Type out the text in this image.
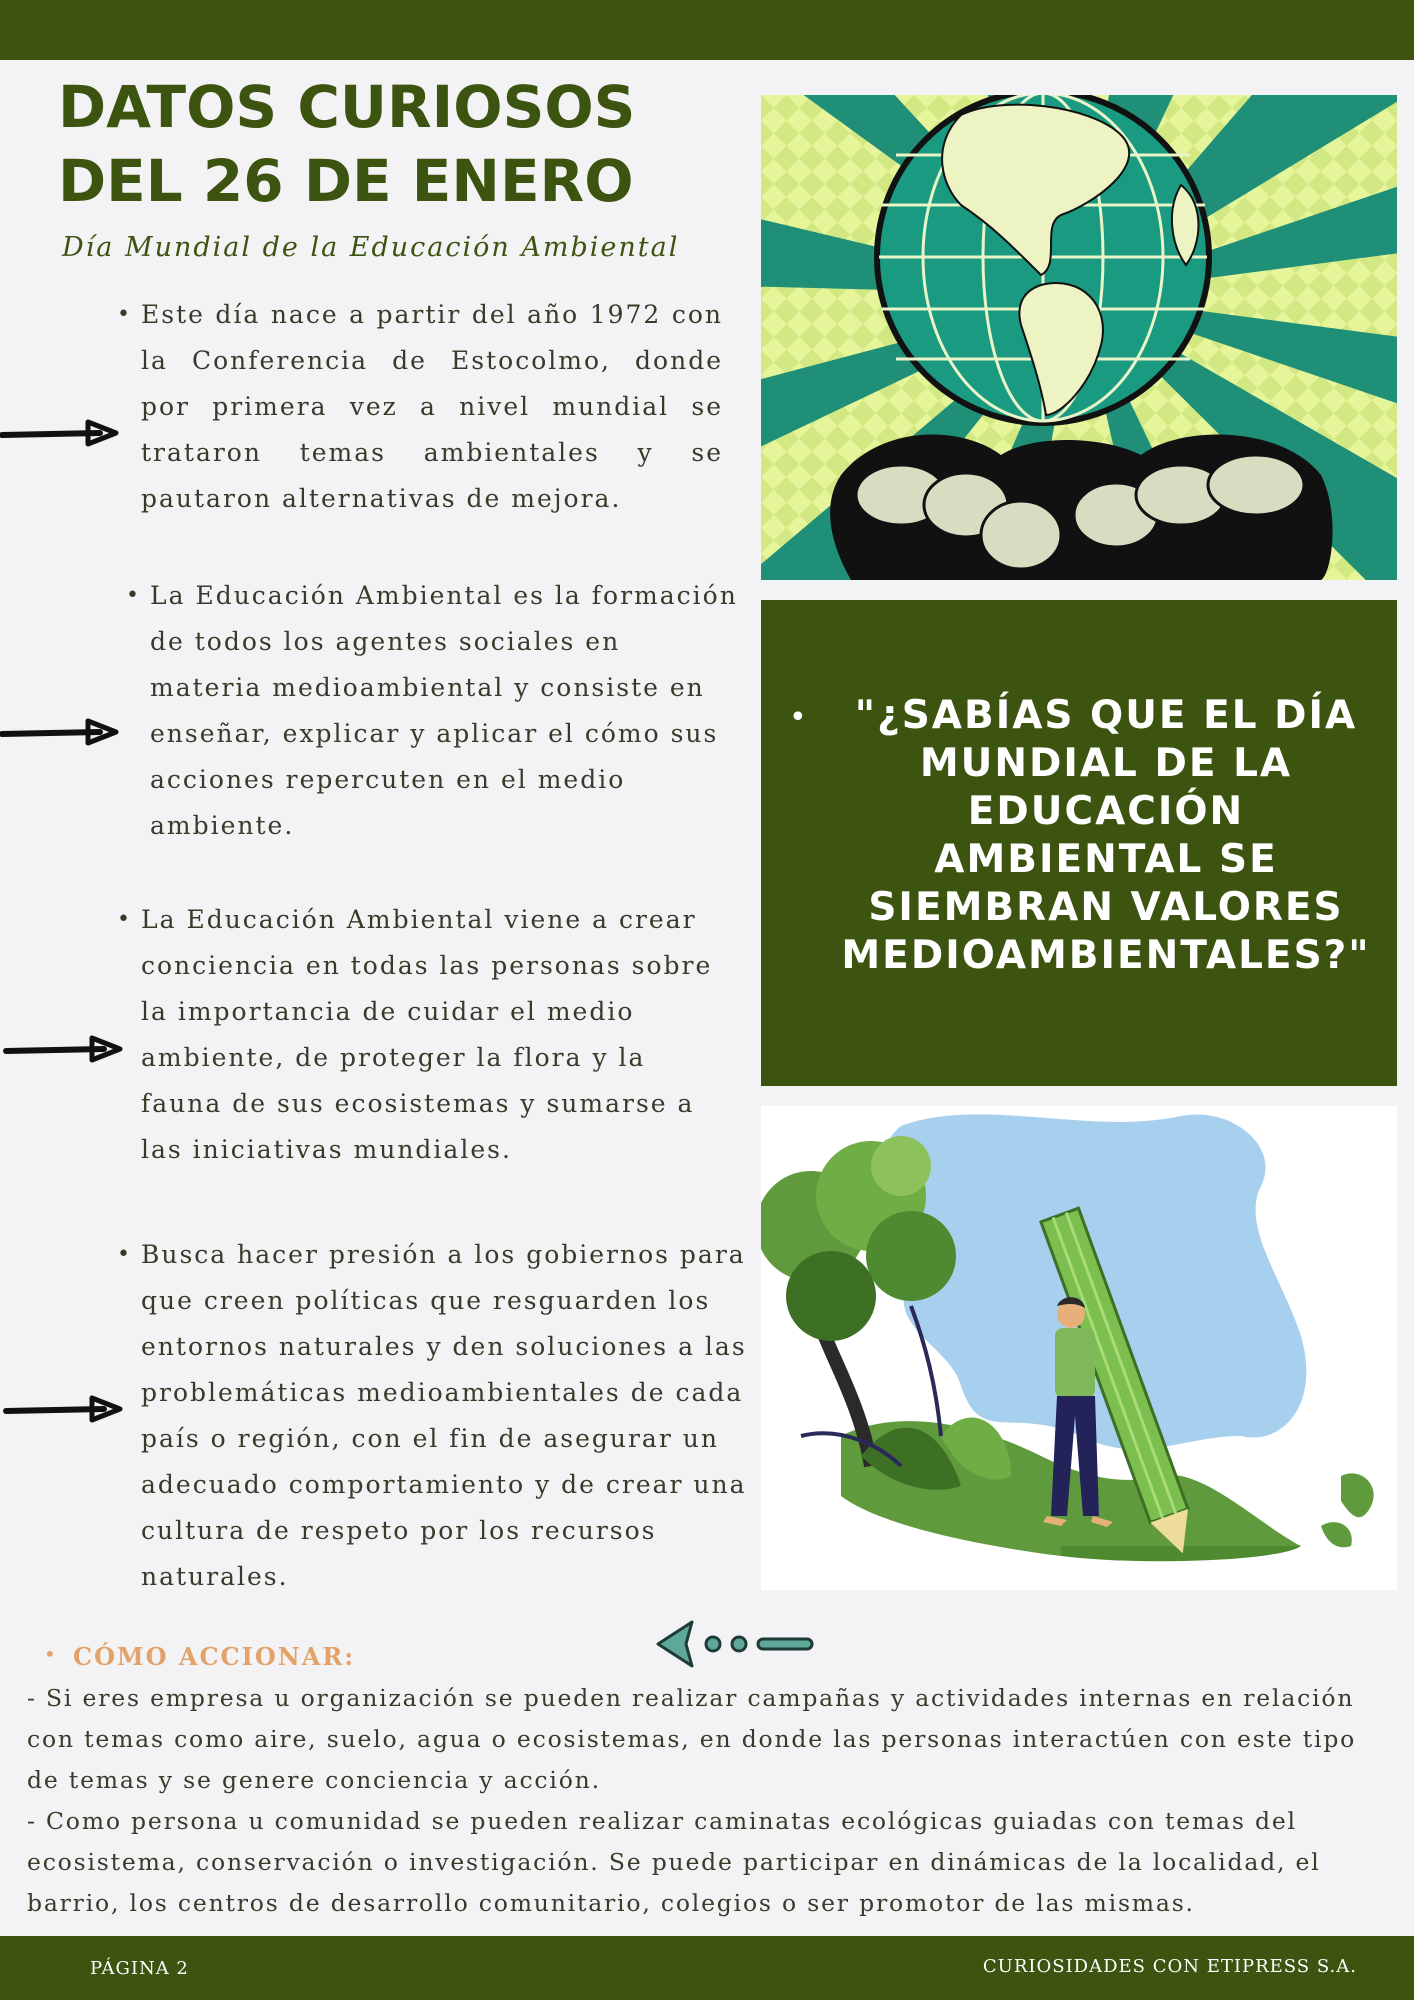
DATOS CURIOSOS
DEL 26 DE ENERO
Día Mundial de la Educación Ambiental
• Este día nace a partir del año 1972 con la Conferencia de Estocolmo, donde por primera vez a nivel mundial se trataron temas ambientales y se pautaron alternativas de mejora.
• La Educación Ambiental es la formación de todos los agentes sociales en materia medioambiental y consiste en enseñar, explicar y aplicar el cómo sus acciones repercuten en el medio ambiente.
• La Educación Ambiental viene a crear conciencia en todas las personas sobre la importancia de cuidar el medio ambiente, de proteger la flora y la fauna de sus ecosistemas y sumarse a las iniciativas mundiales.
• Busca hacer presión a los gobiernos para que creen políticas que resguarden los entornos naturales y den soluciones a las problemáticas medioambientales de cada país o región, con el fin de asegurar un adecuado comportamiento y de crear una cultura de respeto por los recursos naturales.
•	"¿SABÍAS QUE EL DÍA MUNDIAL DE LA EDUCACIÓN AMBIENTAL SE SIEMBRAN VALORES MEDIOAMBIENTALES?"
• CÓMO ACCIONAR:
- Si eres empresa u organización se pueden realizar campañas y actividades internas en relación con temas como aire, suelo, agua o ecosistemas, en donde las personas interactúen con este tipo de temas y se genere conciencia y acción.
- Como persona u comunidad se pueden realizar caminatas ecológicas guiadas con temas del ecosistema, conservación o investigación. Se puede participar en dinámicas de la localidad, el barrio, los centros de desarrollo comunitario, colegios o ser promotor de las mismas.
PÁGINA 2	CURIOSIDADES CON ETIPRESS S.A.
